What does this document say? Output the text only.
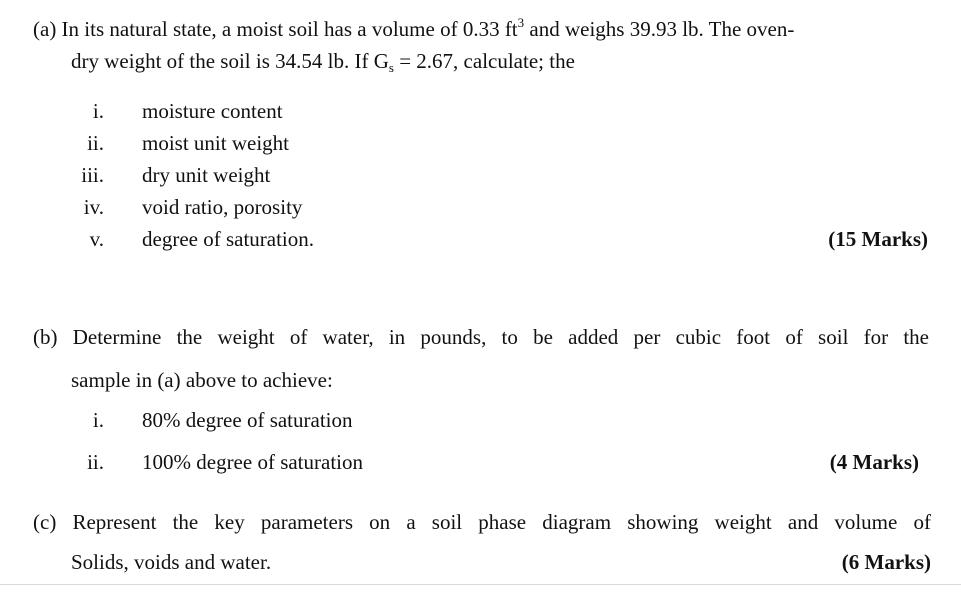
(a) In its natural state, a moist soil has a volume of 0.33 $ft^3$ and weighs 39.93 lb. The oven-
dry weight of the soil is 34.54 lb. If $G_s = 2.67$, calculate; the
i. moisture content
ii. moist unit weight
iii. dry unit weight
iv. void ratio, porosity
v. degree of saturation.	(15 Marks)
(b) Determine the weight of water, in pounds, to be added per cubic foot of soil for the
sample in (a) above to achieve:
i. 80% degree of saturation
ii. 100% degree of saturation	(4 Marks)
(c) Represent the key parameters on a soil phase diagram showing weight and volume of
Solids, voids and water.	(6 Marks)
